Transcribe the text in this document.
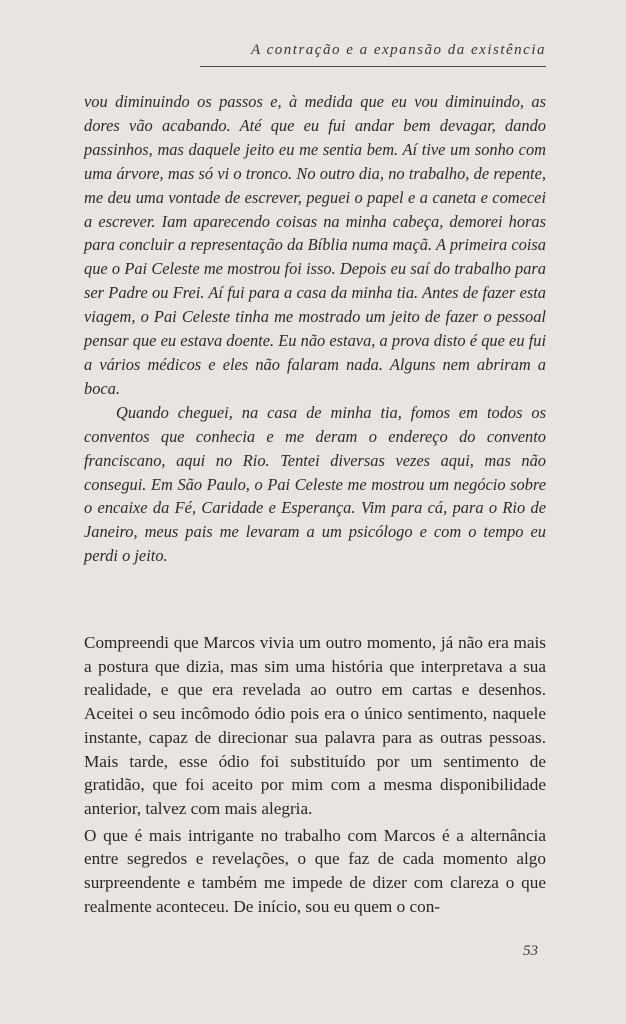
A contração e a expansão da existência

vou diminuindo os passos e, à medida que eu vou diminuindo, as dores vão acabando. Até que eu fui andar bem devagar, dando passinhos, mas daquele jeito eu me sentia bem. Aí tive um sonho com uma árvore, mas só vi o tronco. No outro dia, no trabalho, de repente, me deu uma vontade de escrever, peguei o papel e a caneta e comecei a escrever. Iam aparecendo coisas na minha cabeça, demorei horas para concluir a representação da Bíblia numa maçã. A primeira coisa que o Pai Celeste me mostrou foi isso. Depois eu saí do trabalho para ser Padre ou Frei. Aí fui para a casa da minha tia. Antes de fazer esta viagem, o Pai Celeste tinha me mostrado um jeito de fazer o pessoal pensar que eu estava doente. Eu não estava, a prova disto é que eu fui a vários médicos e eles não falaram nada. Alguns nem abriram a boca.

Quando cheguei, na casa de minha tia, fomos em todos os conventos que conhecia e me deram o endereço do convento franciscano, aqui no Rio. Tentei diversas vezes aqui, mas não consegui. Em São Paulo, o Pai Celeste me mostrou um negócio sobre o encaixe da Fé, Caridade e Esperança. Vim para cá, para o Rio de Janeiro, meus pais me levaram a um psicólogo e com o tempo eu perdi o jeito.

Compreendi que Marcos vivia um outro momento, já não era mais a postura que dizia, mas sim uma história que interpretava a sua realidade, e que era revelada ao outro em cartas e desenhos. Aceitei o seu incômodo ódio pois era o único sentimento, naquele instante, capaz de direcionar sua palavra para as outras pessoas. Mais tarde, esse ódio foi substituído por um sentimento de gratidão, que foi aceito por mim com a mesma disponibilidade anterior, talvez com mais alegria.

O que é mais intrigante no trabalho com Marcos é a alternância entre segredos e revelações, o que faz de cada momento algo surpreendente e também me impede de dizer com clareza o que realmente aconteceu. De início, sou eu quem o con-

53
